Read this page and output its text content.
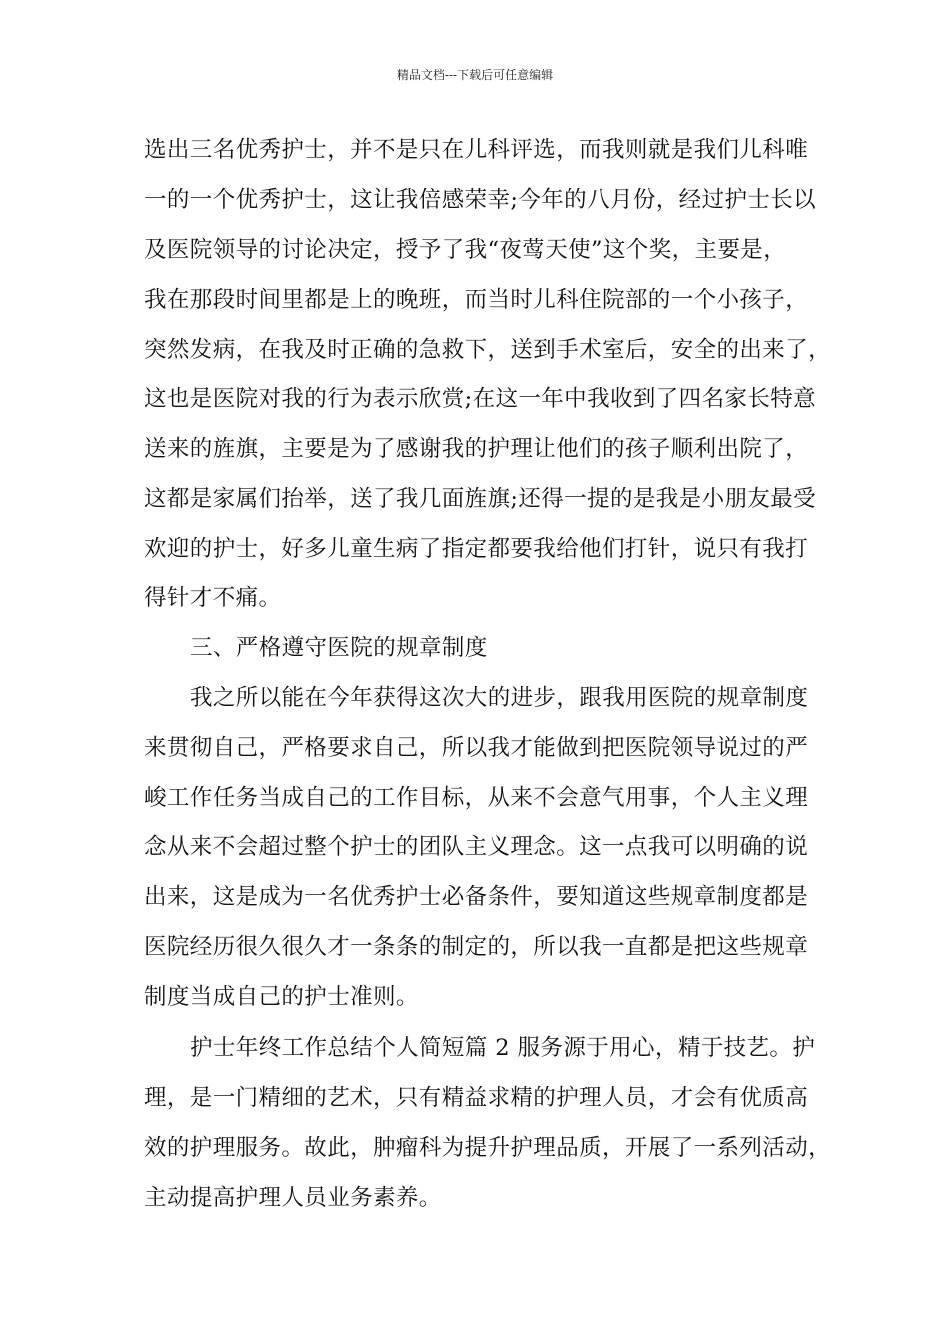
精品文档---下载后可任意编辑
选出三名优秀护士，并不是只在儿科评选，而我则就是我们儿科唯
一的一个优秀护士，这让我倍感荣幸;今年的八月份，经过护士长以
及医院领导的讨论决定，授予了我“夜莺天使”这个奖，主要是，
我在那段时间里都是上的晚班，而当时儿科住院部的一个小孩子，
突然发病，在我及时正确的急救下，送到手术室后，安全的出来了，
这也是医院对我的行为表示欣赏;在这一年中我收到了四名家长特意
送来的旌旗，主要是为了感谢我的护理让他们的孩子顺利出院了，
这都是家属们抬举，送了我几面旌旗;还得一提的是我是小朋友最受
欢迎的护士，好多儿童生病了指定都要我给他们打针，说只有我打
得针才不痛。
三、严格遵守医院的规章制度
我之所以能在今年获得这次大的进步，跟我用医院的规章制度
来贯彻自己，严格要求自己，所以我才能做到把医院领导说过的严
峻工作任务当成自己的工作目标，从来不会意气用事，个人主义理
念从来不会超过整个护士的团队主义理念。这一点我可以明确的说
出来，这是成为一名优秀护士必备条件，要知道这些规章制度都是
医院经历很久很久才一条条的制定的，所以我一直都是把这些规章
制度当成自己的护士准则。
护士年终工作总结个人简短篇 2 服务源于用心，精于技艺。护
理，是一门精细的艺术，只有精益求精的护理人员，才会有优质高
效的护理服务。故此，肿瘤科为提升护理品质，开展了一系列活动，
主动提高护理人员业务素养。
